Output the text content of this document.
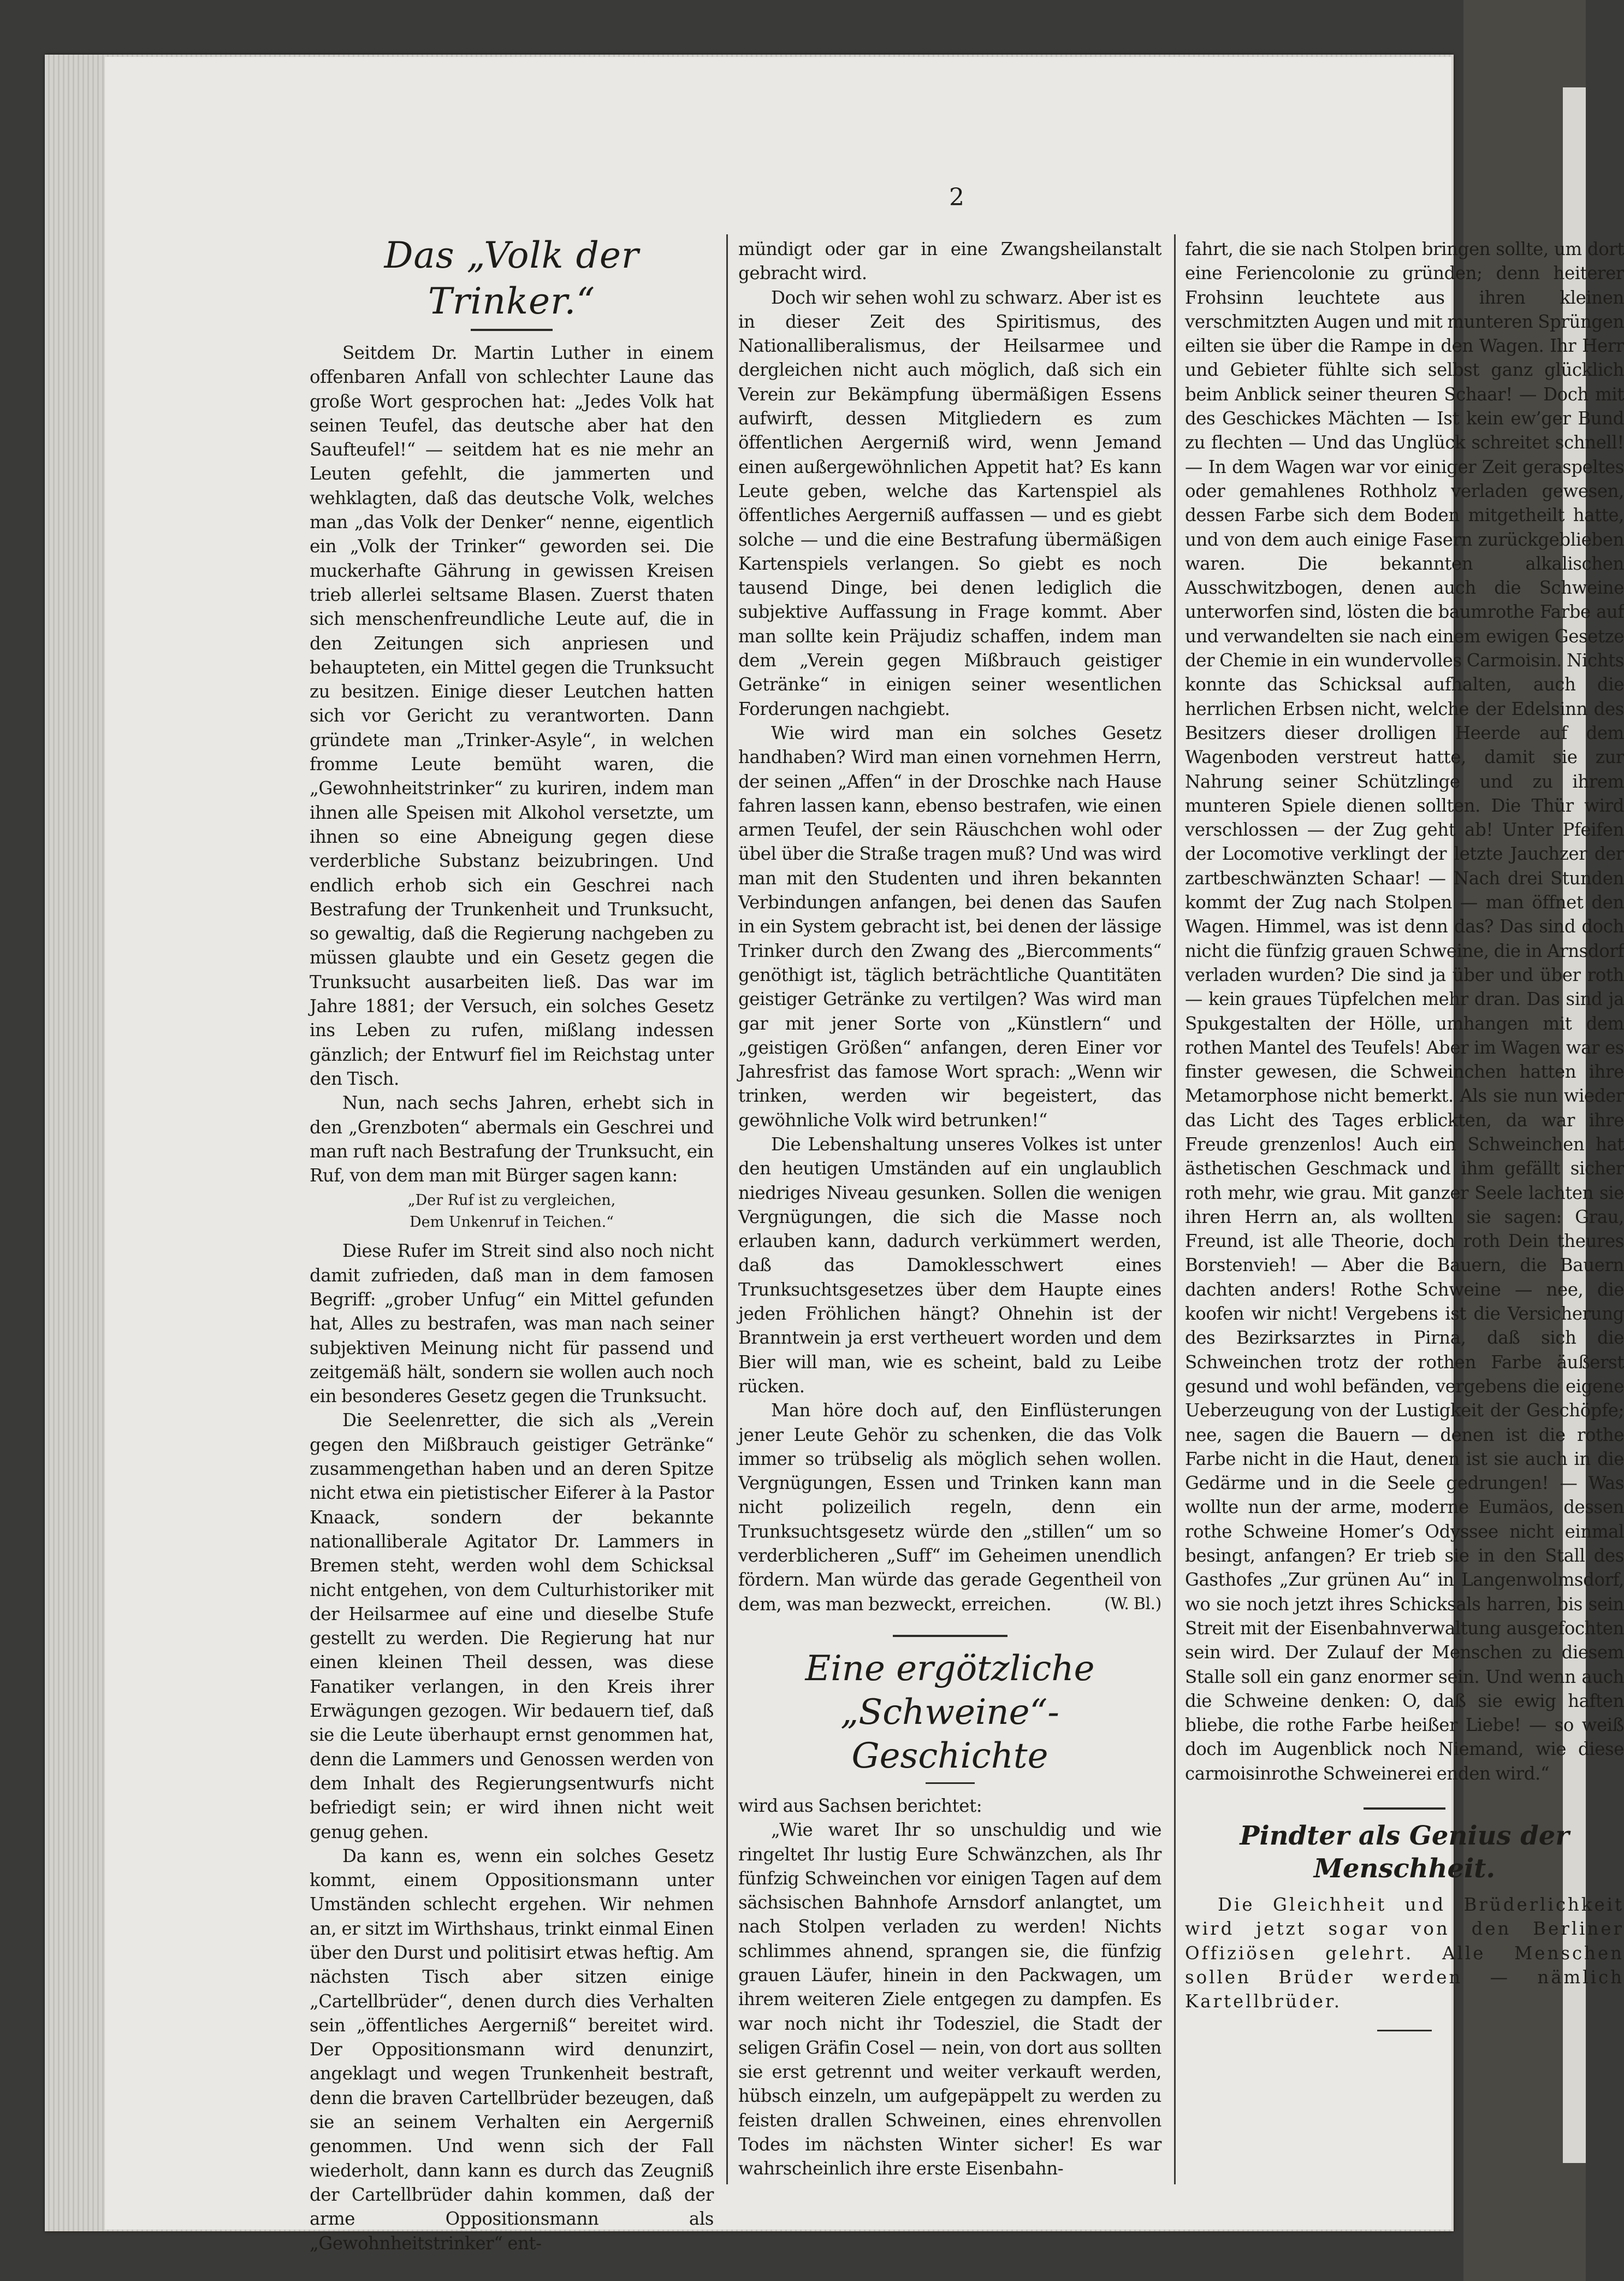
2
Das „Volk der Trinker.“

Seitdem Dr. Martin Luther in einem offenbaren Anfall von schlechter Laune das große Wort gesprochen hat: „Jedes Volk hat seinen Teufel, das deutsche aber hat den Saufteufel!“ — seitdem hat es nie mehr an Leuten gefehlt, die jammerten und wehklagten, daß das deutsche Volk, welches man „das Volk der Denker“ nenne, eigentlich ein „Volk der Trinker“ geworden sei. Die muckerhafte Gährung in gewissen Kreisen trieb allerlei seltsame Blasen. Zuerst thaten sich menschenfreundliche Leute auf, die in den Zeitungen sich anpriesen und behaupteten, ein Mittel gegen die Trunksucht zu besitzen. Einige dieser Leutchen hatten sich vor Gericht zu verantworten. Dann gründete man „Trinker-Asyle“, in welchen fromme Leute bemüht waren, die „Gewohnheitstrinker“ zu kuriren, indem man ihnen alle Speisen mit Alkohol versetzte, um ihnen so eine Abneigung gegen diese verderbliche Substanz beizubringen. Und endlich erhob sich ein Geschrei nach Bestrafung der Trunkenheit und Trunksucht, so gewaltig, daß die Regierung nachgeben zu müssen glaubte und ein Gesetz gegen die Trunksucht ausarbeiten ließ. Das war im Jahre 1881; der Versuch, ein solches Gesetz ins Leben zu rufen, mißlang indessen gänzlich; der Entwurf fiel im Reichstag unter den Tisch.

Nun, nach sechs Jahren, erhebt sich in den „Grenzboten“ abermals ein Geschrei und man ruft nach Bestrafung der Trunksucht, ein Ruf, von dem man mit Bürger sagen kann:

„Der Ruf ist zu vergleichen,
Dem Unkenruf in Teichen.“

Diese Rufer im Streit sind also noch nicht damit zufrieden, daß man in dem famosen Begriff: „grober Unfug“ ein Mittel gefunden hat, Alles zu bestrafen, was man nach seiner subjektiven Meinung nicht für passend und zeitgemäß hält, sondern sie wollen auch noch ein besonderes Gesetz gegen die Trunksucht.

Die Seelenretter, die sich als „Verein gegen den Mißbrauch geistiger Getränke“ zusammengethan haben und an deren Spitze nicht etwa ein pietistischer Eiferer à la Pastor Knaack, sondern der bekannte nationalliberale Agitator Dr. Lammers in Bremen steht, werden wohl dem Schicksal nicht entgehen, von dem Culturhistoriker mit der Heilsarmee auf eine und dieselbe Stufe gestellt zu werden. Die Regierung hat nur einen kleinen Theil dessen, was diese Fanatiker verlangen, in den Kreis ihrer Erwägungen gezogen. Wir bedauern tief, daß sie die Leute überhaupt ernst genommen hat, denn die Lammers und Genossen werden von dem Inhalt des Regierungsentwurfs nicht befriedigt sein; er wird ihnen nicht weit genug gehen.

Da kann es, wenn ein solches Gesetz kommt, einem Oppositionsmann unter Umständen schlecht ergehen. Wir nehmen an, er sitzt im Wirthshaus, trinkt einmal Einen über den Durst und politisirt etwas heftig. Am nächsten Tisch aber sitzen einige „Cartellbrüder“, denen durch dies Verhalten sein „öffentliches Aergerniß“ bereitet wird. Der Oppositionsmann wird denunzirt, angeklagt und wegen Trunkenheit bestraft, denn die braven Cartellbrüder bezeugen, daß sie an seinem Verhalten ein Aergerniß genommen. Und wenn sich der Fall wiederholt, dann kann es durch das Zeugniß der Cartellbrüder dahin kommen, daß der arme Oppositionsmann als „Gewohnheitstrinker“ ent-

mündigt oder gar in eine Zwangsheilanstalt gebracht wird.

Doch wir sehen wohl zu schwarz. Aber ist es in dieser Zeit des Spiritismus, des Nationalliberalismus, der Heilsarmee und dergleichen nicht auch möglich, daß sich ein Verein zur Bekämpfung übermäßigen Essens aufwirft, dessen Mitgliedern es zum öffentlichen Aergerniß wird, wenn Jemand einen außergewöhnlichen Appetit hat? Es kann Leute geben, welche das Kartenspiel als öffentliches Aergerniß auffassen — und es giebt solche — und die eine Bestrafung übermäßigen Kartenspiels verlangen. So giebt es noch tausend Dinge, bei denen lediglich die subjektive Auffassung in Frage kommt. Aber man sollte kein Präjudiz schaffen, indem man dem „Verein gegen Mißbrauch geistiger Getränke“ in einigen seiner wesentlichen Forderungen nachgiebt.

Wie wird man ein solches Gesetz handhaben? Wird man einen vornehmen Herrn, der seinen „Affen“ in der Droschke nach Hause fahren lassen kann, ebenso bestrafen, wie einen armen Teufel, der sein Räuschchen wohl oder übel über die Straße tragen muß? Und was wird man mit den Studenten und ihren bekannten Verbindungen anfangen, bei denen das Saufen in ein System gebracht ist, bei denen der lässige Trinker durch den Zwang des „Biercomments“ genöthigt ist, täglich beträchtliche Quantitäten geistiger Getränke zu vertilgen? Was wird man gar mit jener Sorte von „Künstlern“ und „geistigen Größen“ anfangen, deren Einer vor Jahresfrist das famose Wort sprach: „Wenn wir trinken, werden wir begeistert, das gewöhnliche Volk wird betrunken!“

Die Lebenshaltung unseres Volkes ist unter den heutigen Umständen auf ein unglaublich niedriges Niveau gesunken. Sollen die wenigen Vergnügungen, die sich die Masse noch erlauben kann, dadurch verkümmert werden, daß das Damoklesschwert eines Trunksuchtsgesetzes über dem Haupte eines jeden Fröhlichen hängt? Ohnehin ist der Branntwein ja erst vertheuert worden und dem Bier will man, wie es scheint, bald zu Leibe rücken.

Man höre doch auf, den Einflüsterungen jener Leute Gehör zu schenken, die das Volk immer so trübselig als möglich sehen wollen. Vergnügungen, Essen und Trinken kann man nicht polizeilich regeln, denn ein Trunksuchtsgesetz würde den „stillen“ um so verderblicheren „Suff“ im Geheimen unendlich fördern. Man würde das gerade Gegentheil von dem, was man bezweckt, erreichen.	(W. Bl.)

Eine ergötzliche „Schweine“-
Geschichte

wird aus Sachsen berichtet:

„Wie waret Ihr so unschuldig und wie ringeltet Ihr lustig Eure Schwänzchen, als Ihr fünfzig Schweinchen vor einigen Tagen auf dem sächsischen Bahnhofe Arnsdorf anlangtet, um nach Stolpen verladen zu werden! Nichts schlimmes ahnend, sprangen sie, die fünfzig grauen Läufer, hinein in den Packwagen, um ihrem weiteren Ziele entgegen zu dampfen. Es war noch nicht ihr Todesziel, die Stadt der seligen Gräfin Cosel — nein, von dort aus sollten sie erst getrennt und weiter verkauft werden, hübsch einzeln, um aufgepäppelt zu werden zu feisten drallen Schweinen, eines ehrenvollen Todes im nächsten Winter sicher! Es war wahrscheinlich ihre erste Eisenbahn-

fahrt, die sie nach Stolpen bringen sollte, um dort eine Feriencolonie zu gründen; denn heiterer Frohsinn leuchtete aus ihren kleinen verschmitzten Augen und mit munteren Sprüngen eilten sie über die Rampe in den Wagen. Ihr Herr und Gebieter fühlte sich selbst ganz glücklich beim Anblick seiner theuren Schaar! — Doch mit des Geschickes Mächten — Ist kein ew’ger Bund zu flechten — Und das Unglück schreitet schnell! — In dem Wagen war vor einiger Zeit geraspeltes oder gemahlenes Rothholz verladen gewesen, dessen Farbe sich dem Boden mitgetheilt hatte, und von dem auch einige Fasern zurückgeblieben waren. Die bekannten alkalischen Ausschwitzbogen, denen auch die Schweine unterworfen sind, lösten die baumrothe Farbe auf und verwandelten sie nach einem ewigen Gesetze der Chemie in ein wundervolles Carmoisin. Nichts konnte das Schicksal aufhalten, auch die herrlichen Erbsen nicht, welche der Edelsinn des Besitzers dieser drolligen Heerde auf dem Wagenboden verstreut hatte, damit sie zur Nahrung seiner Schützlinge und zu ihrem munteren Spiele dienen sollten. Die Thür wird verschlossen — der Zug geht ab! Unter Pfeifen der Locomotive verklingt der letzte Jauchzer der zartbeschwänzten Schaar! — Nach drei Stunden kommt der Zug nach Stolpen — man öffnet den Wagen. Himmel, was ist denn das? Das sind doch nicht die fünfzig grauen Schweine, die in Arnsdorf verladen wurden? Die sind ja über und über roth — kein graues Tüpfelchen mehr dran. Das sind ja Spukgestalten der Hölle, umhangen mit dem rothen Mantel des Teufels! Aber im Wagen war es finster gewesen, die Schweinchen hatten ihre Metamorphose nicht bemerkt. Als sie nun wieder das Licht des Tages erblickten, da war ihre Freude grenzenlos! Auch ein Schweinchen hat ästhetischen Geschmack und ihm gefällt sicher roth mehr, wie grau. Mit ganzer Seele lachten sie ihren Herrn an, als wollten sie sagen: Grau, Freund, ist alle Theorie, doch roth Dein theures Borstenvieh! — Aber die Bauern, die Bauern dachten anders! Rothe Schweine — nee, die koofen wir nicht! Vergebens ist die Versicherung des Bezirksarztes in Pirna, daß sich die Schweinchen trotz der rothen Farbe äußerst gesund und wohl befänden, vergebens die eigene Ueberzeugung von der Lustigkeit der Geschöpfe; nee, sagen die Bauern — denen ist die rothe Farbe nicht in die Haut, denen ist sie auch in die Gedärme und in die Seele gedrungen! — Was wollte nun der arme, moderne Eumäos, dessen rothe Schweine Homer’s Odyssee nicht einmal besingt, anfangen? Er trieb sie in den Stall des Gasthofes „Zur grünen Au“ in Langenwolmsdorf, wo sie noch jetzt ihres Schicksals harren, bis sein Streit mit der Eisenbahnverwaltung ausgefochten sein wird. Der Zulauf der Menschen zu diesem Stalle soll ein ganz enormer sein. Und wenn auch die Schweine denken: O, daß sie ewig haften bliebe, die rothe Farbe heißer Liebe! — so weiß doch im Augenblick noch Niemand, wie diese carmoisinrothe Schweinerei enden wird.“

Pindter als Genius der Menschheit.

Die Gleichheit und Brüderlichkeit wird jetzt sogar von den Berliner Offiziösen gelehrt. Alle Menschen sollen Brüder werden — nämlich Kartellbrüder.
